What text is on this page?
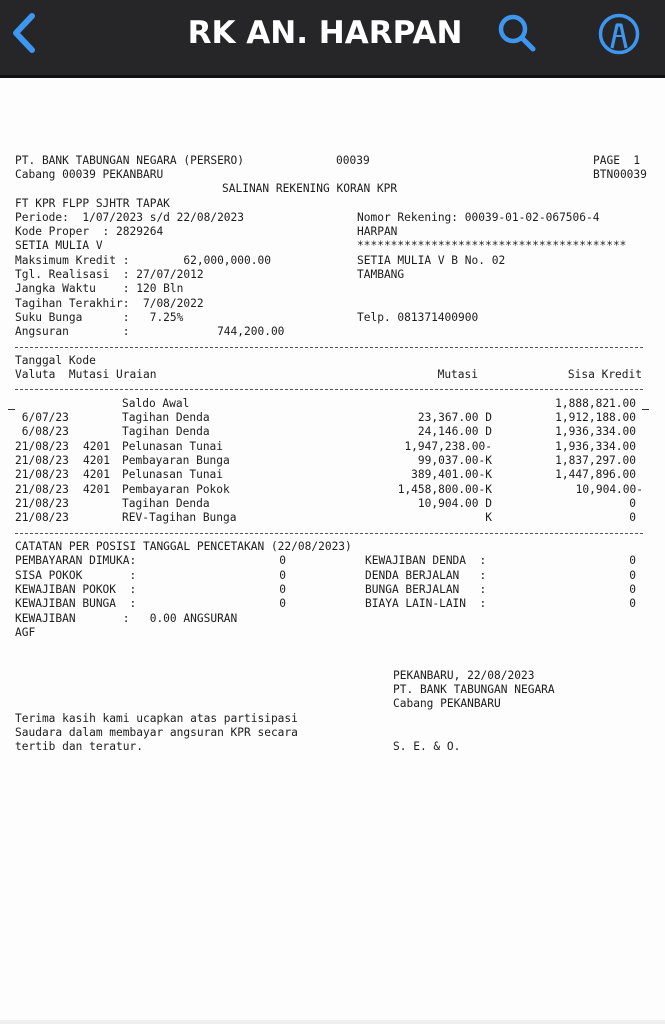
RK AN. HARPAN
PT. BANK TABUNGAN NEGARA (PERSERO)	00039	PAGE  1
Cabang 00039 PEKANBARU	BTN00039
SALINAN REKENING KORAN KPR
FT KPR FLPP SJHTR TAPAK
Periode:  1/07/2023 s/d 22/08/2023	Nomor Rekening: 00039-01-02-067506-4
Kode Proper  : 2829264	HARPAN
SETIA MULIA V	****************************************
Maksimum Kredit :        62,000,000.00	SETIA MULIA V B No. 02
Tgl. Realisasi  : 27/07/2012	TAMBANG
Jangka Waktu    : 120 Bln
Tagihan Terakhir:  7/08/2022
Suku Bunga      :   7.25%	Telp. 081371400900
Angsuran        :             744,200.00
Tanggal Kode
Valuta  Mutasi Uraian	Mutasi	Sisa Kredit
Saldo Awal	1,888,821.00
6/07/23	Tagihan Denda	23,367.00 D	1,912,188.00
6/08/23	Tagihan Denda	24,146.00 D	1,936,334.00
21/08/23 4201 Pelunasan Tunai	1,947,238.00-	1,936,334.00
21/08/23 4201 Pembayaran Bunga	99,037.00-K	1,837,297.00
21/08/23 4201 Pelunasan Tunai	389,401.00-K	1,447,896.00
21/08/23 4201 Pembayaran Pokok	1,458,800.00-K	10,904.00-
21/08/23	Tagihan Denda	10,904.00 D	0
21/08/23	REV-Tagihan Bunga	K	0
CATATAN PER POSISI TANGGAL PENCETAKAN (22/08/2023)
PEMBAYARAN DIMUKA:	0	KEWAJIBAN DENDA  :	0
SISA POKOK       :	0	DENDA BERJALAN   :	0
KEWAJIBAN POKOK  :	0	BUNGA BERJALAN   :	0
KEWAJIBAN BUNGA  :	0	BIAYA LAIN-LAIN  :	0
KEWAJIBAN       :   0.00 ANGSURAN
AGF
PEKANBARU, 22/08/2023
PT. BANK TABUNGAN NEGARA
Cabang PEKANBARU
Terima kasih kami ucapkan atas partisipasi
Saudara dalam membayar angsuran KPR secara
tertib dan teratur.	S. E. & O.
